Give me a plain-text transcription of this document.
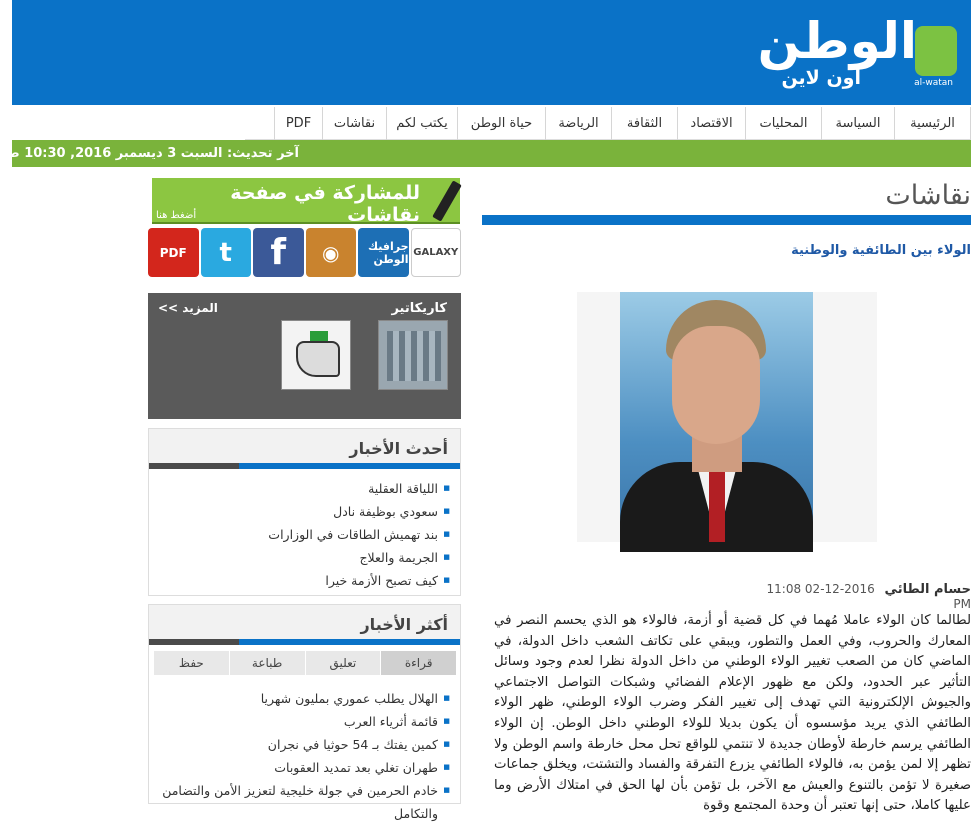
الوطن
أون لاين	al-watan
الرئيسية
السياسة
المحليات
الاقتصاد
الثقافة
الرياضة
حياة الوطن
يكتب لكم
نقاشات
PDF
آخر تحديث: السبت 3 ديسمبر 2016, 10:30 ص
نقاشات
الولاء بين الطائفية والوطنية
حسام الطائي 2016-12-02 11:08 PM
لطالما كان الولاء عاملا مُهما في كل قضية أو أزمة، فالولاء هو الذي يحسم النصر في المعارك والحروب، وفي العمل والتطور، ويبقي على تكاتف الشعب داخل الدولة، في الماضي كان من الصعب تغيير الولاء الوطني من داخل الدولة نظرا لعدم وجود وسائل التأثير عبر الحدود، ولكن مع ظهور الإعلام الفضائي وشبكات التواصل الاجتماعي والجيوش الإلكترونية التي تهدف إلى تغيير الفكر وضرب الولاء الوطني، ظهر الولاء الطائفي الذي يريد مؤسسوه أن يكون بديلا للولاء الوطني داخل الوطن. إن الولاء الطائفي يرسم خارطة لأوطان جديدة لا تنتمي للواقع تحل محل خارطة واسم الوطن ولا تظهر إلا لمن يؤمن به، فالولاء الطائفي يزرع التفرقة والفساد والتشتت، ويخلق جماعات صغيرة لا تؤمن بالتنوع والعيش مع الآخر، بل تؤمن بأن لها الحق في امتلاك الأرض وما عليها كاملا، حتى إنها تعتبر أن وحدة المجتمع وقوة
للمشاركة في صفحة نقاشات
أضغط هنا
PDF	t	f	◉	جرافيك الوطن GALAXY
كاريكاتير
المزيد >>
أحدث الأخبار
■ اللياقة العقلية
■ سعودي بوظيفة نادل
■ بند تهميش الطاقات في الوزارات
■ الجريمة والعلاج
■ كيف تصبح الأزمة خيرا
أكثر الأخبار
قراءة
تعليق
طباعة
حفظ
■ الهلال يطلب عموري بمليون شهريا
■ قائمة أثرياء العرب
■ كمين يفتك بـ 54 حوثيا في نجران
■ طهران تغلي بعد تمديد العقوبات
■ خادم الحرمين في جولة خليجية لتعزيز الأمن والتضامن والتكامل
